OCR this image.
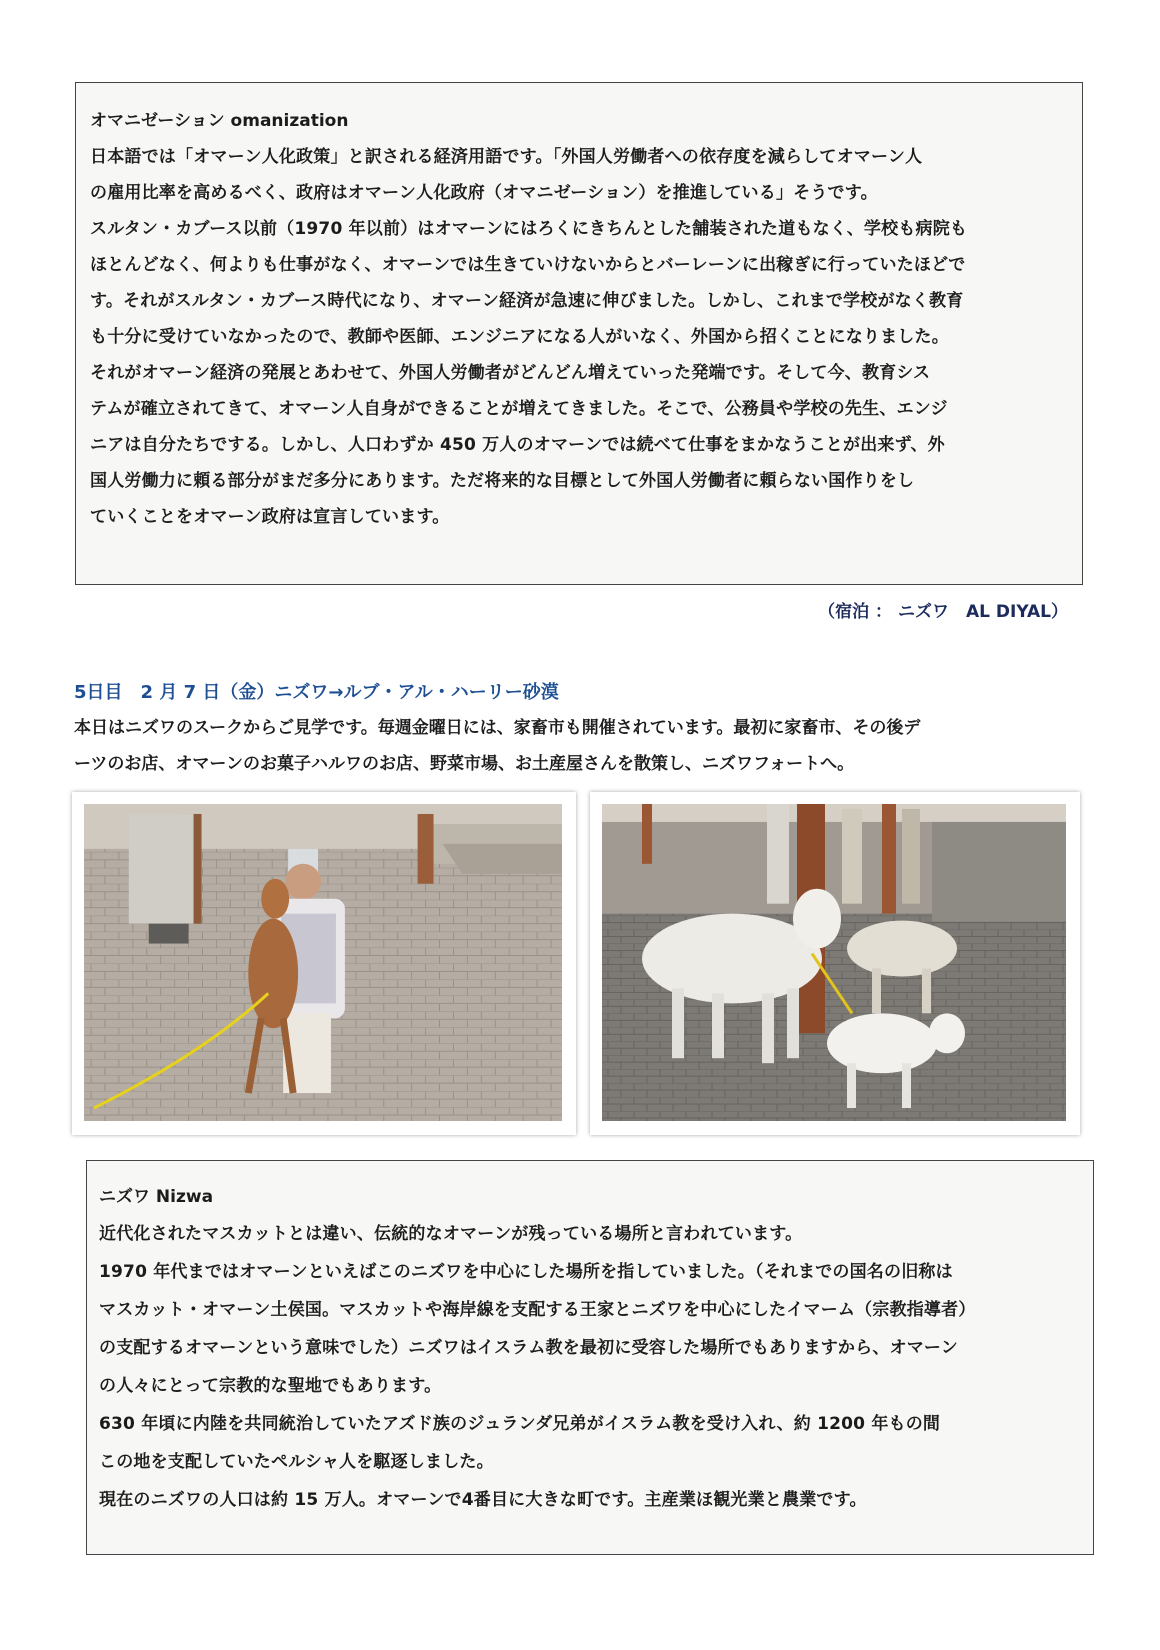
オマニゼーション omanization
日本語では「オマーン人化政策」と訳される経済用語です。「外国人労働者への依存度を減らしてオマーン人
の雇用比率を高めるべく、政府はオマーン人化政府（オマニゼーション）を推進している」そうです。
スルタン・カブース以前（1970 年以前）はオマーンにはろくにきちんとした舗装された道もなく、学校も病院も
ほとんどなく、何よりも仕事がなく、オマーンでは生きていけないからとバーレーンに出稼ぎに行っていたほどで
す。それがスルタン・カブース時代になり、オマーン経済が急速に伸びました。しかし、これまで学校がなく教育
も十分に受けていなかったので、教師や医師、エンジニアになる人がいなく、外国から招くことになりました。
それがオマーン経済の発展とあわせて、外国人労働者がどんどん増えていった発端です。そして今、教育シス
テムが確立されてきて、オマーン人自身ができることが増えてきました。そこで、公務員や学校の先生、エンジ
ニアは自分たちでする。しかし、人口わずか 450 万人のオマーンでは続べて仕事をまかなうことが出来ず、外
国人労働力に頼る部分がまだ多分にあります。ただ将来的な目標として外国人労働者に頼らない国作りをし
ていくことをオマーン政府は宣言しています。
（宿泊 ： ニズワ　AL DIYAL）
5日目　2 月 7 日（金）ニズワ→ルブ・アル・ハーリー砂漠
本日はニズワのスークからご見学です。毎週金曜日には、家畜市も開催されています。最初に家畜市、その後デ
ーツのお店、オマーンのお菓子ハルワのお店、野菜市場、お土産屋さんを散策し、ニズワフォートへ。
ニズワ Nizwa
近代化されたマスカットとは違い、伝統的なオマーンが残っている場所と言われています。
1970 年代まではオマーンといえばこのニズワを中心にした場所を指していました。（それまでの国名の旧称は
マスカット・オマーン土侯国。マスカットや海岸線を支配する王家とニズワを中心にしたイマーム（宗教指導者）
の支配するオマーンという意味でした）ニズワはイスラム教を最初に受容した場所でもありますから、オマーン
の人々にとって宗教的な聖地でもあります。
630 年頃に内陸を共同統治していたアズド族のジュランダ兄弟がイスラム教を受け入れ、約 1200 年もの間
この地を支配していたペルシャ人を駆逐しました。
現在のニズワの人口は約 15 万人。オマーンで4番目に大きな町です。主産業ほ観光業と農業です。
